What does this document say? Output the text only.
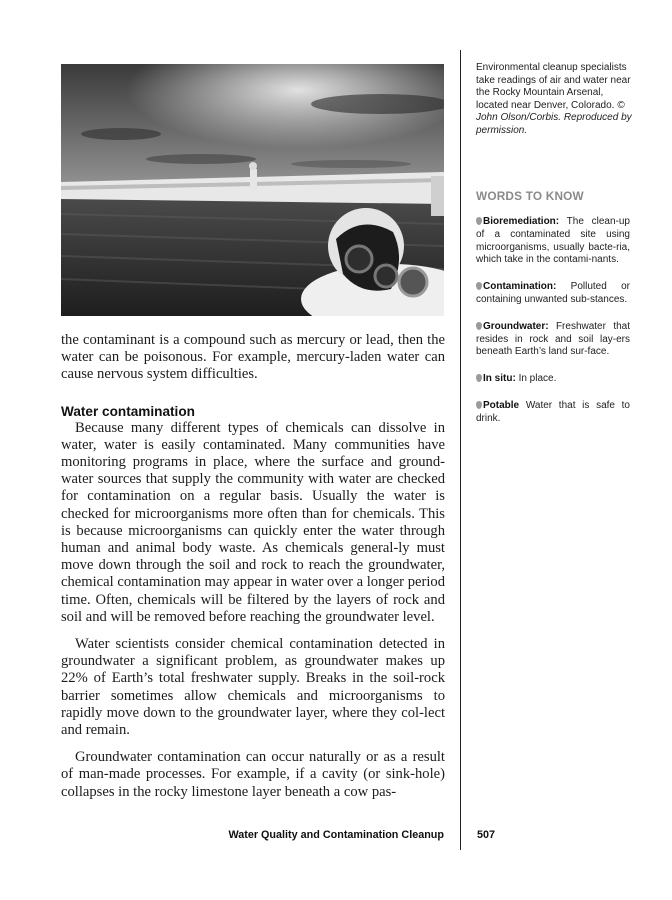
the contaminant is a compound such as mercury or lead, then the water can be poisonous. For example, mercury-laden water can cause nervous system difficulties.

Water contamination

Because many different types of chemicals can dissolve in water, water is easily contaminated. Many communities have monitoring programs in place, where the surface and ground-water sources that supply the community with water are checked for contamination on a regular basis. Usually the water is checked for microorganisms more often than for chemicals. This is because microorganisms can quickly enter the water through human and animal body waste. As chemicals general-ly must move down through the soil and rock to reach the groundwater, chemical contamination may appear in water over a longer period time. Often, chemicals will be filtered by the layers of rock and soil and will be removed before reaching the groundwater level.

Water scientists consider chemical contamination detected in groundwater a significant problem, as groundwater makes up 22% of Earth’s total freshwater supply. Breaks in the soil-rock barrier sometimes allow chemicals and microorganisms to rapidly move down to the groundwater layer, where they col-lect and remain.

Groundwater contamination can occur naturally or as a result of man-made processes. For example, if a cavity (or sink-hole) collapses in the rocky limestone layer beneath a cow pas-

Environmental cleanup specialists take readings of air and water near the Rocky Mountain Arsenal, located near Denver, Colorado. © John Olson/Corbis. Reproduced by permission.
WORDS TO KNOW

Bioremediation: The clean-up of a contaminated site using microorganisms, usually bacte-ria, which take in the contami-nants.

Contamination: Polluted or containing unwanted sub-stances.

Groundwater: Freshwater that resides in rock and soil lay-ers beneath Earth’s land sur-face.

In situ: In place.

Potable Water that is safe to drink.

Water Quality and Contamination Cleanup	507
